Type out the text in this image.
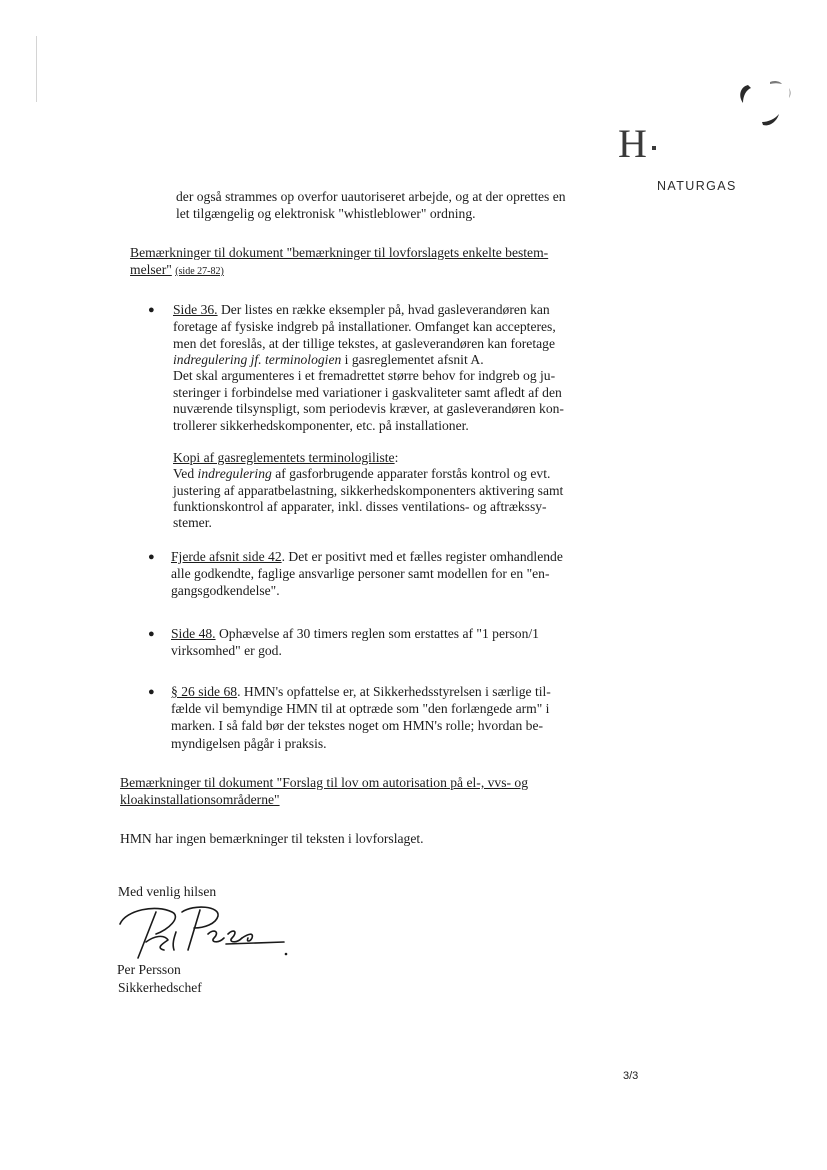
H
NATURGAS
der også strammes op overfor uautoriseret arbejde, og at der oprettes en
let tilgængelig og elektronisk "whistleblower" ordning.
Bemærkninger til dokument "bemærkninger til lovforslagets enkelte bestem-
melser" (side 27-82)
● Side 36. Der listes en række eksempler på, hvad gasleverandøren kan
foretage af fysiske indgreb på installationer. Omfanget kan accepteres,
men det foreslås, at der tillige tekstes, at gasleverandøren kan foretage
indregulering jf. terminologien i gasreglementet afsnit A.
Det skal argumenteres i et fremadrettet større behov for indgreb og ju-
steringer i forbindelse med variationer i gaskvaliteter samt afledt af den
nuværende tilsynspligt, som periodevis kræver, at gasleverandøren kon-
trollerer sikkerhedskomponenter, etc. på installationer.
Kopi af gasreglementets terminologiliste:
Ved indregulering af gasforbrugende apparater forstås kontrol og evt.
justering af apparatbelastning, sikkerhedskomponenters aktivering samt
funktionskontrol af apparater, inkl. disses ventilations- og aftrækssy-
stemer.
● Fjerde afsnit side 42. Det er positivt med et fælles register omhandlende
alle godkendte, faglige ansvarlige personer samt modellen for en "en-
gangsgodkendelse".
● Side 48. Ophævelse af 30 timers reglen som erstattes af "1 person/1
virksomhed" er god.
● § 26 side 68. HMN's opfattelse er, at Sikkerhedsstyrelsen i særlige til-
fælde vil bemyndige HMN til at optræde som "den forlængede arm" i
marken. I så fald bør der tekstes noget om HMN's rolle; hvordan be-
myndigelsen pågår i praksis.
Bemærkninger til dokument "Forslag til lov om autorisation på el-, vvs- og
kloakinstallationsområderne"
HMN har ingen bemærkninger til teksten i lovforslaget.
Med venlig hilsen
Per Persson
Sikkerhedschef
3/3
